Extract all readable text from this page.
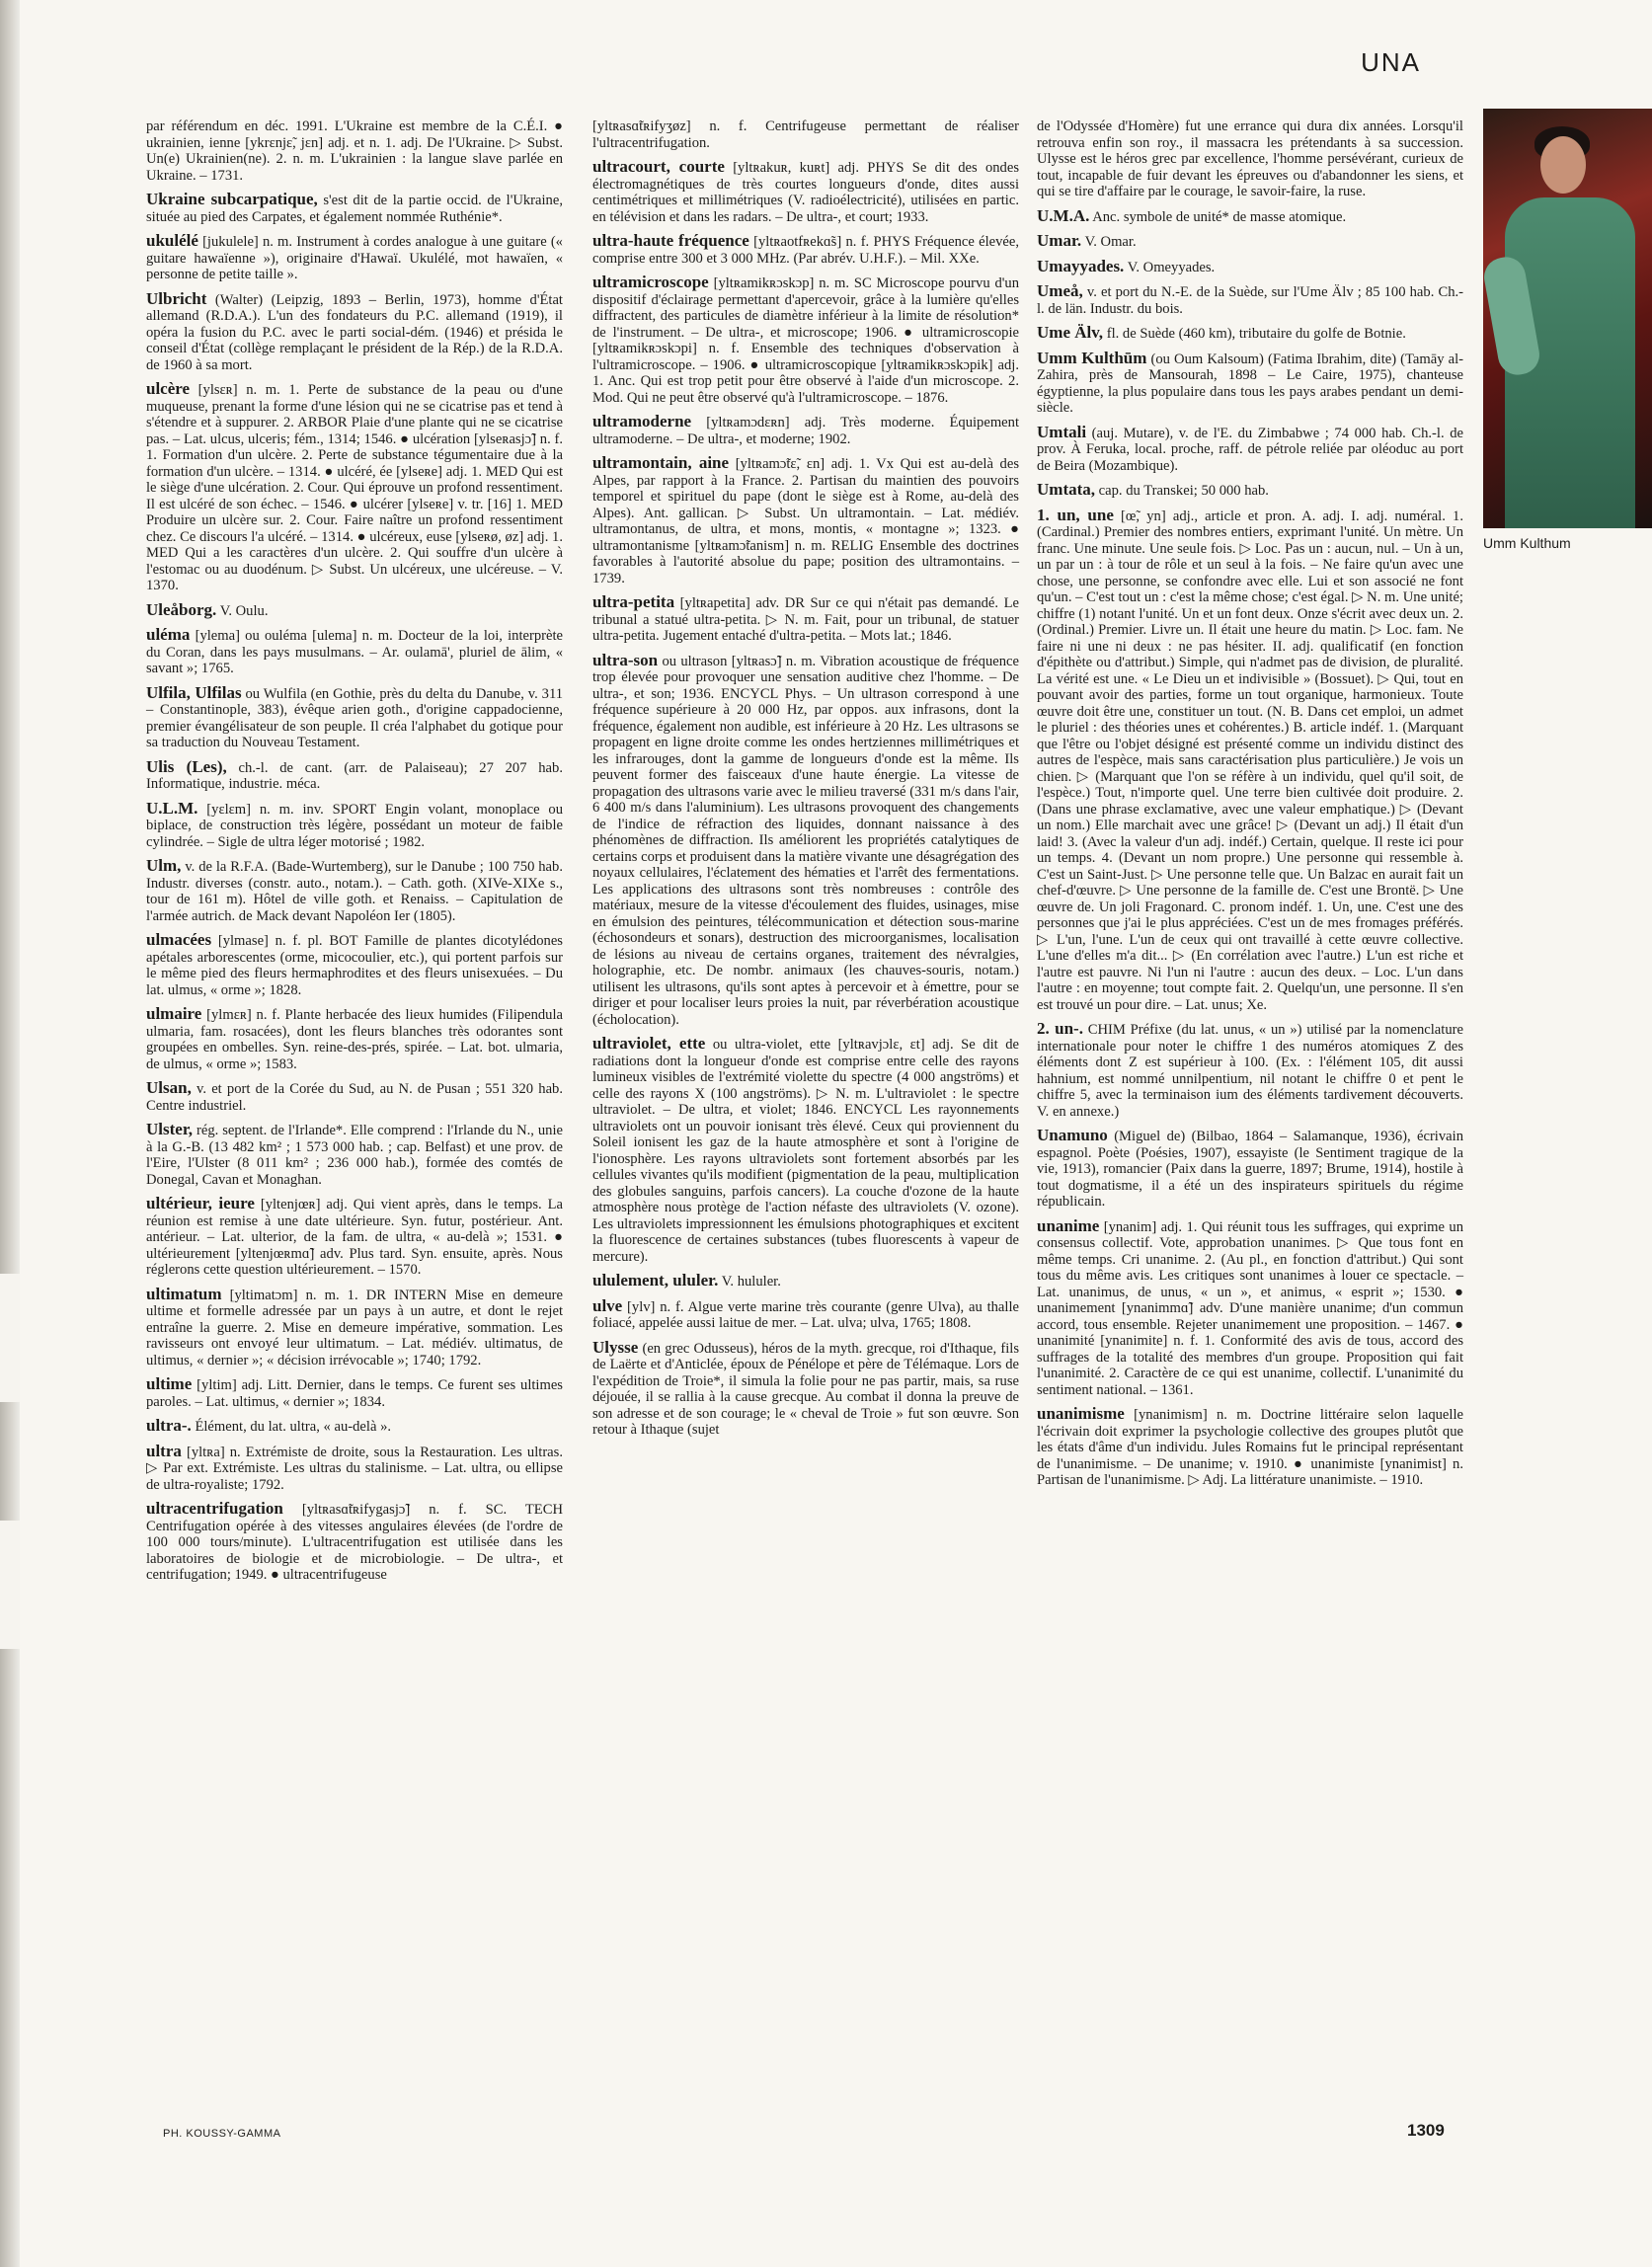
UNA

par référendum en déc. 1991. L'Ukraine est membre de la C.É.I. ● ukrainien, ienne [ykrɛnjɛ̃, jɛn] adj. et n. 1. adj. De l'Ukraine. ▷ Subst. Un(e) Ukrainien(ne). 2. n. m. L'ukrainien : la langue slave parlée en Ukraine. – 1731.

Ukraine subcarpatique, s'est dit de la partie occid. de l'Ukraine, située au pied des Carpates, et également nommée Ruthénie*.

ukulélé [jukulele] n. m. Instrument à cordes analogue à une guitare (« guitare hawaïenne »), originaire d'Hawaï. Ukulélé, mot hawaïen, « personne de petite taille ».

Ulbricht (Walter) (Leipzig, 1893 – Berlin, 1973), homme d'État allemand (R.D.A.). L'un des fondateurs du P.C. allemand (1919), il opéra la fusion du P.C. avec le parti social-dém. (1946) et présida le conseil d'État (collège remplaçant le président de la Rép.) de la R.D.A. de 1960 à sa mort.

ulcère [ylsɛʀ] n. m. 1. Perte de substance de la peau ou d'une muqueuse, prenant la forme d'une lésion qui ne se cicatrise pas et tend à s'étendre et à suppurer. 2. ARBOR Plaie d'une plante qui ne se cicatrise pas. – Lat. ulcus, ulceris; fém., 1314; 1546. ● ulcération [ylseʀasjɔ̃] n. f. 1. Formation d'un ulcère. 2. Perte de substance tégumentaire due à la formation d'un ulcère. – 1314. ● ulcéré, ée [ylseʀe] adj. 1. MED Qui est le siège d'une ulcération. 2. Cour. Qui éprouve un profond ressentiment. Il est ulcéré de son échec. – 1546. ● ulcérer [ylseʀe] v. tr. [16] 1. MED Produire un ulcère sur. 2. Cour. Faire naître un profond ressentiment chez. Ce discours l'a ulcéré. – 1314. ● ulcéreux, euse [ylseʀø, øz] adj. 1. MED Qui a les caractères d'un ulcère. 2. Qui souffre d'un ulcère à l'estomac ou au duodénum. ▷ Subst. Un ulcéreux, une ulcéreuse. – V. 1370.

Uleåborg. V. Oulu.

uléma [ylema] ou ouléma [ulema] n. m. Docteur de la loi, interprète du Coran, dans les pays musulmans. – Ar. oulamā', pluriel de ālim, « savant »; 1765.

Ulfila, Ulfilas ou Wulfila (en Gothie, près du delta du Danube, v. 311 – Constantinople, 383), évêque arien goth., d'origine cappadocienne, premier évangélisateur de son peuple. Il créa l'alphabet du gotique pour sa traduction du Nouveau Testament.

Ulis (Les), ch.-l. de cant. (arr. de Palaiseau); 27 207 hab. Informatique, industrie. méca.

U.L.M. [yɛlɛm] n. m. inv. SPORT Engin volant, monoplace ou biplace, de construction très légère, possédant un moteur de faible cylindrée. – Sigle de ultra léger motorisé ; 1982.

Ulm, v. de la R.F.A. (Bade-Wurtemberg), sur le Danube ; 100 750 hab. Industr. diverses (constr. auto., notam.). – Cath. goth. (XIVe-XIXe s., tour de 161 m). Hôtel de ville goth. et Renaiss. – Capitulation de l'armée autrich. de Mack devant Napoléon Ier (1805).

ulmacées [ylmase] n. f. pl. BOT Famille de plantes dicotylédones apétales arborescentes (orme, micocoulier, etc.), qui portent parfois sur le même pied des fleurs hermaphrodites et des fleurs unisexuées. – Du lat. ulmus, « orme »; 1828.

ulmaire [ylmɛʀ] n. f. Plante herbacée des lieux humides (Filipendula ulmaria, fam. rosacées), dont les fleurs blanches très odorantes sont groupées en ombelles. Syn. reine-des-prés, spirée. – Lat. bot. ulmaria, de ulmus, « orme »; 1583.

Ulsan, v. et port de la Corée du Sud, au N. de Pusan ; 551 320 hab. Centre industriel.

Ulster, rég. septent. de l'Irlande*. Elle comprend : l'Irlande du N., unie à la G.-B. (13 482 km² ; 1 573 000 hab. ; cap. Belfast) et une prov. de l'Eire, l'Ulster (8 011 km² ; 236 000 hab.), formée des comtés de Donegal, Cavan et Monaghan.

ultérieur, ieure [yltenjœʀ] adj. Qui vient après, dans le temps. La réunion est remise à une date ultérieure. Syn. futur, postérieur. Ant. antérieur. – Lat. ulterior, de la fam. de ultra, « au-delà »; 1531. ● ultérieurement [yltenjœʀmɑ̃] adv. Plus tard. Syn. ensuite, après. Nous réglerons cette question ultérieurement. – 1570.

ultimatum [yltimatɔm] n. m. 1. DR INTERN Mise en demeure ultime et formelle adressée par un pays à un autre, et dont le rejet entraîne la guerre. 2. Mise en demeure impérative, sommation. Les ravisseurs ont envoyé leur ultimatum. – Lat. médiév. ultimatus, de ultimus, « dernier »; « décision irrévocable »; 1740; 1792.

ultime [yltim] adj. Litt. Dernier, dans le temps. Ce furent ses ultimes paroles. – Lat. ultimus, « dernier »; 1834.

ultra-. Élément, du lat. ultra, « au-delà ».

ultra [yltʀa] n. Extrémiste de droite, sous la Restauration. Les ultras. ▷ Par ext. Extrémiste. Les ultras du stalinisme. – Lat. ultra, ou ellipse de ultra-royaliste; 1792.

ultracentrifugation [yltʀasɑ̃tʀifygasjɔ̃] n. f. SC. TECH Centrifugation opérée à des vitesses angulaires élevées (de l'ordre de 100 000 tours/minute). L'ultracentrifugation est utilisée dans les laboratoires de biologie et de microbiologie. – De ultra-, et centrifugation; 1949. ● ultracentrifugeuse

[yltʀasɑ̃tʀifyʒøz] n. f. Centrifugeuse permettant de réaliser l'ultracentrifugation.

ultracourt, courte [yltʀakuʀ, kuʀt] adj. PHYS Se dit des ondes électromagnétiques de très courtes longueurs d'onde, dites aussi centimétriques et millimétriques (V. radioélectricité), utilisées en partic. en télévision et dans les radars. – De ultra-, et court; 1933.

ultra-haute fréquence [yltʀaotfʀekɑ̃s] n. f. PHYS Fréquence élevée, comprise entre 300 et 3 000 MHz. (Par abrév. U.H.F.). – Mil. XXe.

ultramicroscope [yltʀamikʀɔskɔp] n. m. SC Microscope pourvu d'un dispositif d'éclairage permettant d'apercevoir, grâce à la lumière qu'elles diffractent, des particules de diamètre inférieur à la limite de résolution* de l'instrument. – De ultra-, et microscope; 1906. ● ultramicroscopie [yltʀamikʀɔskɔpi] n. f. Ensemble des techniques d'observation à l'ultramicroscope. – 1906. ● ultramicroscopique [yltʀamikʀɔskɔpik] adj. 1. Anc. Qui est trop petit pour être observé à l'aide d'un microscope. 2. Mod. Qui ne peut être observé qu'à l'ultramicroscope. – 1876.

ultramoderne [yltʀamɔdɛʀn] adj. Très moderne. Équipement ultramoderne. – De ultra-, et moderne; 1902.

ultramontain, aine [yltʀamɔ̃tɛ̃, ɛn] adj. 1. Vx Qui est au-delà des Alpes, par rapport à la France. 2. Partisan du maintien des pouvoirs temporel et spirituel du pape (dont le siège est à Rome, au-delà des Alpes). Ant. gallican. ▷ Subst. Un ultramontain. – Lat. médiév. ultramontanus, de ultra, et mons, montis, « montagne »; 1323. ● ultramontanisme [yltʀamɔ̃tanism] n. m. RELIG Ensemble des doctrines favorables à l'autorité absolue du pape; position des ultramontains. – 1739.

ultra-petita [yltʀapetita] adv. DR Sur ce qui n'était pas demandé. Le tribunal a statué ultra-petita. ▷ N. m. Fait, pour un tribunal, de statuer ultra-petita. Jugement entaché d'ultra-petita. – Mots lat.; 1846.

ultra-son ou ultrason [yltʀasɔ̃] n. m. Vibration acoustique de fréquence trop élevée pour provoquer une sensation auditive chez l'homme. – De ultra-, et son; 1936. ENCYCL Phys. – Un ultrason correspond à une fréquence supérieure à 20 000 Hz, par oppos. aux infrasons, dont la fréquence, également non audible, est inférieure à 20 Hz. Les ultrasons se propagent en ligne droite comme les ondes hertziennes millimétriques et les infrarouges, dont la gamme de longueurs d'onde est la même. Ils peuvent former des faisceaux d'une haute énergie. La vitesse de propagation des ultrasons varie avec le milieu traversé (331 m/s dans l'air, 6 400 m/s dans l'aluminium). Les ultrasons provoquent des changements de l'indice de réfraction des liquides, donnant naissance à des phénomènes de diffraction. Ils améliorent les propriétés catalytiques de certains corps et produisent dans la matière vivante une désagrégation des noyaux cellulaires, l'éclatement des hématies et l'arrêt des fermentations. Les applications des ultrasons sont très nombreuses : contrôle des matériaux, mesure de la vitesse d'écoulement des fluides, usinages, mise en émulsion des peintures, télécommunication et détection sous-marine (échosondeurs et sonars), destruction des microorganismes, localisation de lésions au niveau de certains organes, traitement des névralgies, holographie, etc. De nombr. animaux (les chauves-souris, notam.) utilisent les ultrasons, qu'ils sont aptes à percevoir et à émettre, pour se diriger et pour localiser leurs proies la nuit, par réverbération acoustique (écholocation).

ultraviolet, ette ou ultra-violet, ette [yltʀavjɔlɛ, ɛt] adj. Se dit de radiations dont la longueur d'onde est comprise entre celle des rayons lumineux visibles de l'extrémité violette du spectre (4 000 angströms) et celle des rayons X (100 angströms). ▷ N. m. L'ultraviolet : le spectre ultraviolet. – De ultra, et violet; 1846. ENCYCL Les rayonnements ultraviolets ont un pouvoir ionisant très élevé. Ceux qui proviennent du Soleil ionisent les gaz de la haute atmosphère et sont à l'origine de l'ionosphère. Les rayons ultraviolets sont fortement absorbés par les cellules vivantes qu'ils modifient (pigmentation de la peau, multiplication des globules sanguins, parfois cancers). La couche d'ozone de la haute atmosphère nous protège de l'action néfaste des ultraviolets (V. ozone). Les ultraviolets impressionnent les émulsions photographiques et excitent la fluorescence de certaines substances (tubes fluorescents à vapeur de mercure).

ululement, ululer. V. hululer.

ulve [ylv] n. f. Algue verte marine très courante (genre Ulva), au thalle foliacé, appelée aussi laitue de mer. – Lat. ulva; ulva, 1765; 1808.

Ulysse (en grec Odusseus), héros de la myth. grecque, roi d'Ithaque, fils de Laërte et d'Anticlée, époux de Pénélope et père de Télémaque. Lors de l'expédition de Troie*, il simula la folie pour ne pas partir, mais, sa ruse déjouée, il se rallia à la cause grecque. Au combat il donna la preuve de son adresse et de son courage; le « cheval de Troie » fut son œuvre. Son retour à Ithaque (sujet

de l'Odyssée d'Homère) fut une errance qui dura dix années. Lorsqu'il retrouva enfin son roy., il massacra les prétendants à sa succession. Ulysse est le héros grec par excellence, l'homme persévérant, curieux de tout, incapable de fuir devant les épreuves ou d'abandonner les siens, et qui se tire d'affaire par le courage, le savoir-faire, la ruse.

U.M.A. Anc. symbole de unité* de masse atomique.

Umar. V. Omar.

Umayyades. V. Omeyyades.

Umeå, v. et port du N.-E. de la Suède, sur l'Ume Älv ; 85 100 hab. Ch.-l. de län. Industr. du bois.

Ume Älv, fl. de Suède (460 km), tributaire du golfe de Botnie.

Umm Kulthūm (ou Oum Kalsoum) (Fatima Ibrahim, dite) (Tamāy al-Zahira, près de Mansourah, 1898 – Le Caire, 1975), chanteuse égyptienne, la plus populaire dans tous les pays arabes pendant un demi-siècle.

Umtali (auj. Mutare), v. de l'E. du Zimbabwe ; 74 000 hab. Ch.-l. de prov. À Feruka, local. proche, raff. de pétrole reliée par oléoduc au port de Beira (Mozambique).

Umtata, cap. du Transkei; 50 000 hab.

1. un, une [œ̃, yn] adj., article et pron. A. adj. I. adj. numéral. 1. (Cardinal.) Premier des nombres entiers, exprimant l'unité. Un mètre. Un franc. Une minute. Une seule fois. ▷ Loc. Pas un : aucun, nul. – Un à un, un par un : à tour de rôle et un seul à la fois. – Ne faire qu'un avec une chose, une personne, se confondre avec elle. Lui et son associé ne font qu'un. – C'est tout un : c'est la même chose; c'est égal. ▷ N. m. Une unité; chiffre (1) notant l'unité. Un et un font deux. Onze s'écrit avec deux un. 2. (Ordinal.) Premier. Livre un. Il était une heure du matin. ▷ Loc. fam. Ne faire ni une ni deux : ne pas hésiter. II. adj. qualificatif (en fonction d'épithète ou d'attribut.) Simple, qui n'admet pas de division, de pluralité. La vérité est une. « Le Dieu un et indivisible » (Bossuet). ▷ Qui, tout en pouvant avoir des parties, forme un tout organique, harmonieux. Toute œuvre doit être une, constituer un tout. (N. B. Dans cet emploi, un admet le pluriel : des théories unes et cohérentes.) B. article indéf. 1. (Marquant que l'être ou l'objet désigné est présenté comme un individu distinct des autres de l'espèce, mais sans caractérisation plus particulière.) Je vois un chien. ▷ (Marquant que l'on se réfère à un individu, quel qu'il soit, de l'espèce.) Tout, n'importe quel. Une terre bien cultivée doit produire. 2. (Dans une phrase exclamative, avec une valeur emphatique.) ▷ (Devant un nom.) Elle marchait avec une grâce! ▷ (Devant un adj.) Il était d'un laid! 3. (Avec la valeur d'un adj. indéf.) Certain, quelque. Il reste ici pour un temps. 4. (Devant un nom propre.) Une personne qui ressemble à. C'est un Saint-Just. ▷ Une personne telle que. Un Balzac en aurait fait un chef-d'œuvre. ▷ Une personne de la famille de. C'est une Brontë. ▷ Une œuvre de. Un joli Fragonard. C. pronom indéf. 1. Un, une. C'est une des personnes que j'ai le plus appréciées. C'est un de mes fromages préférés. ▷ L'un, l'une. L'un de ceux qui ont travaillé à cette œuvre collective. L'une d'elles m'a dit... ▷ (En corrélation avec l'autre.) L'un est riche et l'autre est pauvre. Ni l'un ni l'autre : aucun des deux. – Loc. L'un dans l'autre : en moyenne; tout compte fait. 2. Quelqu'un, une personne. Il s'en est trouvé un pour dire. – Lat. unus; Xe.

2. un-. CHIM Préfixe (du lat. unus, « un ») utilisé par la nomenclature internationale pour noter le chiffre 1 des numéros atomiques Z des éléments dont Z est supérieur à 100. (Ex. : l'élément 105, dit aussi hahnium, est nommé unnilpentium, nil notant le chiffre 0 et pent le chiffre 5, avec la terminaison ium des éléments tardivement découverts. V. en annexe.)

Unamuno (Miguel de) (Bilbao, 1864 – Salamanque, 1936), écrivain espagnol. Poète (Poésies, 1907), essayiste (le Sentiment tragique de la vie, 1913), romancier (Paix dans la guerre, 1897; Brume, 1914), hostile à tout dogmatisme, il a été un des inspirateurs spirituels du régime républicain.

unanime [ynanim] adj. 1. Qui réunit tous les suffrages, qui exprime un consensus collectif. Vote, approbation unanimes. ▷ Que tous font en même temps. Cri unanime. 2. (Au pl., en fonction d'attribut.) Qui sont tous du même avis. Les critiques sont unanimes à louer ce spectacle. – Lat. unanimus, de unus, « un », et animus, « esprit »; 1530. ● unanimement [ynanimmɑ̃] adv. D'une manière unanime; d'un commun accord, tous ensemble. Rejeter unanimement une proposition. – 1467. ● unanimité [ynanimite] n. f. 1. Conformité des avis de tous, accord des suffrages de la totalité des membres d'un groupe. Proposition qui fait l'unanimité. 2. Caractère de ce qui est unanime, collectif. L'unanimité du sentiment national. – 1361.

unanimisme [ynanimism] n. m. Doctrine littéraire selon laquelle l'écrivain doit exprimer la psychologie collective des groupes plutôt que les états d'âme d'un individu. Jules Romains fut le principal représentant de l'unanimisme. – De unanime; v. 1910. ● unanimiste [ynanimist] n. Partisan de l'unanimisme. ▷ Adj. La littérature unanimiste. – 1910.

Umm Kulthum
PH. KOUSSY-GAMMA	1309
